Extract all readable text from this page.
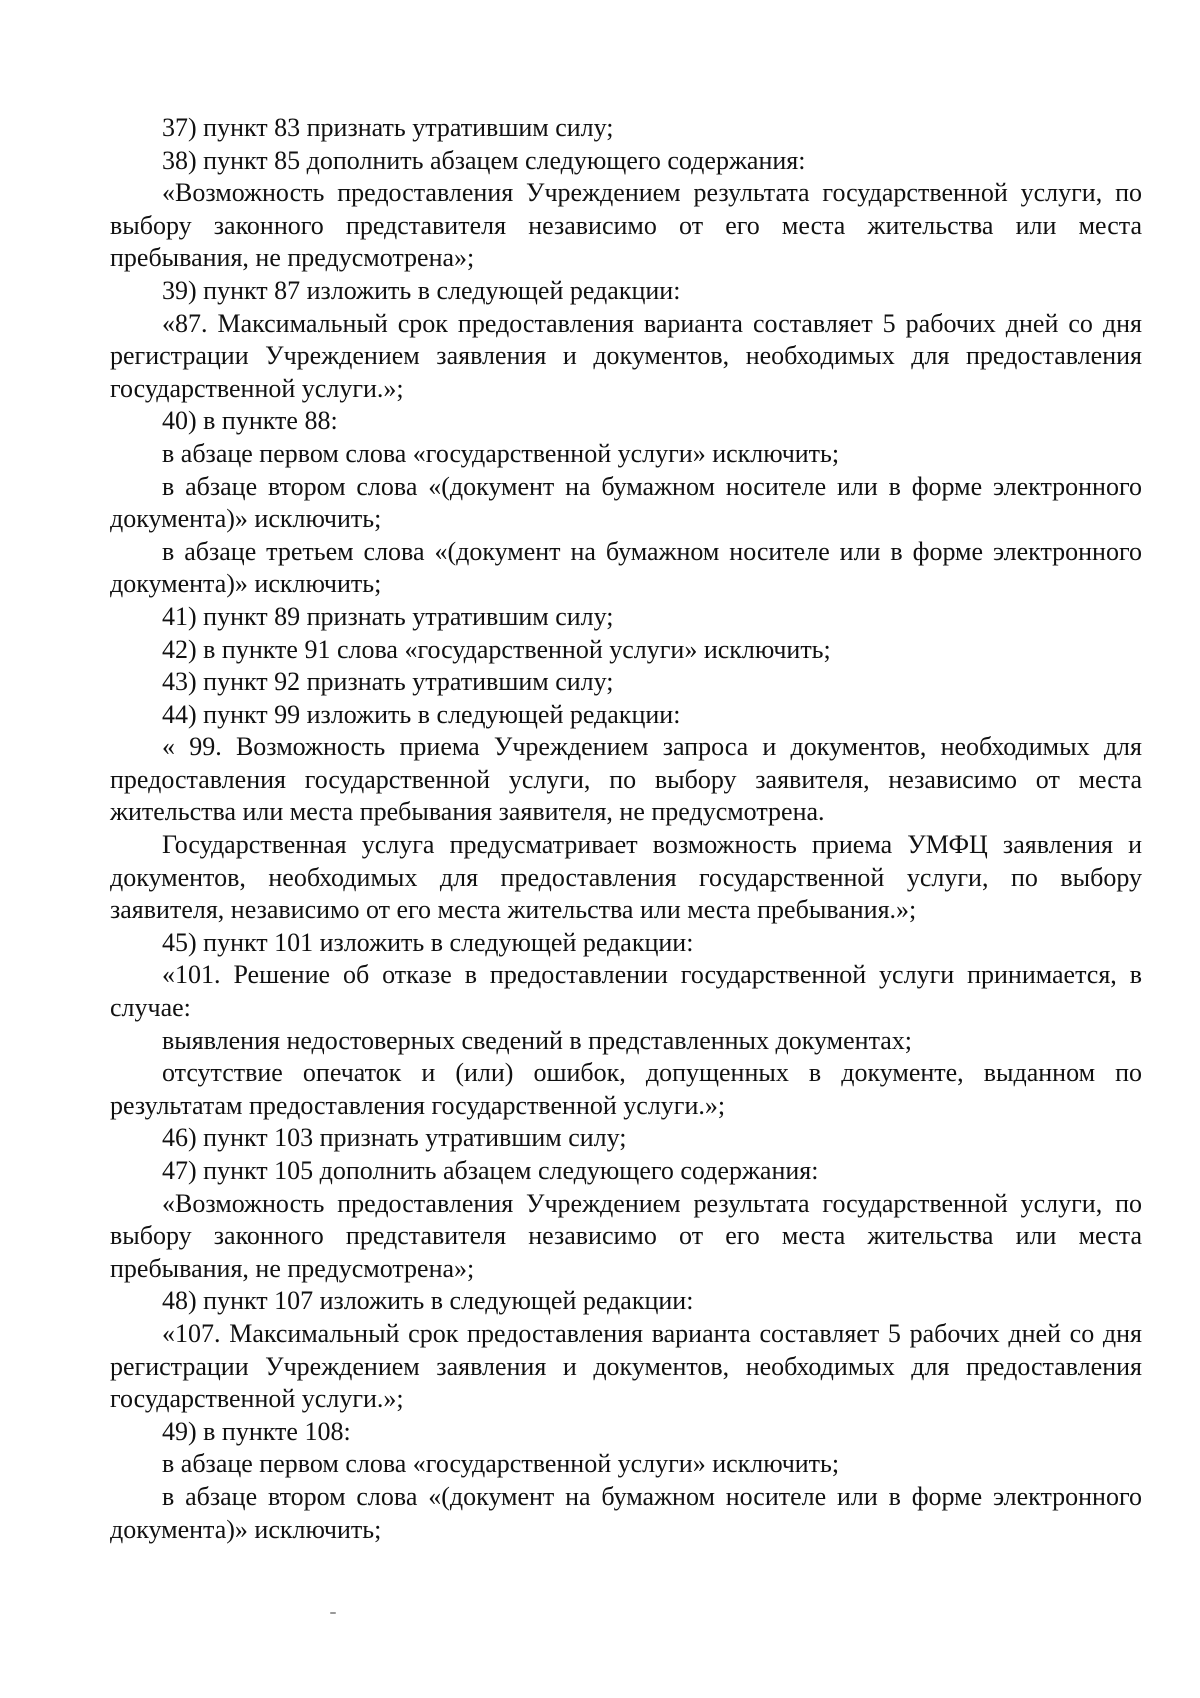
37) пункт 83 признать утратившим силу;

38) пункт 85 дополнить абзацем следующего содержания:

«Возможность предоставления Учреждением результата государственной услуги, по выбору законного представителя независимо от его места жительства или места пребывания, не предусмотрена»;

39) пункт 87 изложить в следующей редакции:

«87. Максимальный срок предоставления варианта составляет 5 рабочих дней со дня регистрации Учреждением заявления и документов, необходимых для предоставления государственной услуги.»;

40) в пункте 88:

в абзаце первом слова «государственной услуги» исключить;

в абзаце втором слова «(документ на бумажном носителе или в форме электронного документа)» исключить;

в абзаце третьем слова «(документ на бумажном носителе или в форме электронного документа)» исключить;

41) пункт 89 признать утратившим силу;

42) в пункте 91 слова «государственной услуги» исключить;

43) пункт 92 признать утратившим силу;

44) пункт 99 изложить в следующей редакции:

« 99. Возможность приема Учреждением запроса и документов, необходимых для предоставления государственной услуги, по выбору заявителя, независимо от места жительства или места пребывания заявителя, не предусмотрена.

Государственная услуга предусматривает возможность приема УМФЦ заявления и документов, необходимых для предоставления государственной услуги, по выбору заявителя, независимо от его места жительства или места пребывания.»;

45) пункт 101 изложить в следующей редакции:

«101. Решение об отказе в предоставлении государственной услуги принимается, в случае:

выявления недостоверных сведений в представленных документах;

отсутствие опечаток и (или) ошибок, допущенных в документе, выданном по результатам предоставления государственной услуги.»;

46) пункт 103 признать утратившим силу;

47) пункт 105 дополнить абзацем следующего содержания:

«Возможность предоставления Учреждением результата государственной услуги, по выбору законного представителя независимо от его места жительства или места пребывания, не предусмотрена»;

48) пункт 107 изложить в следующей редакции:

«107. Максимальный срок предоставления варианта составляет 5 рабочих дней со дня регистрации Учреждением заявления и документов, необходимых для предоставления государственной услуги.»;

49) в пункте 108:

в абзаце первом слова «государственной услуги» исключить;

в абзаце втором слова «(документ на бумажном носителе или в форме электронного документа)» исключить;
